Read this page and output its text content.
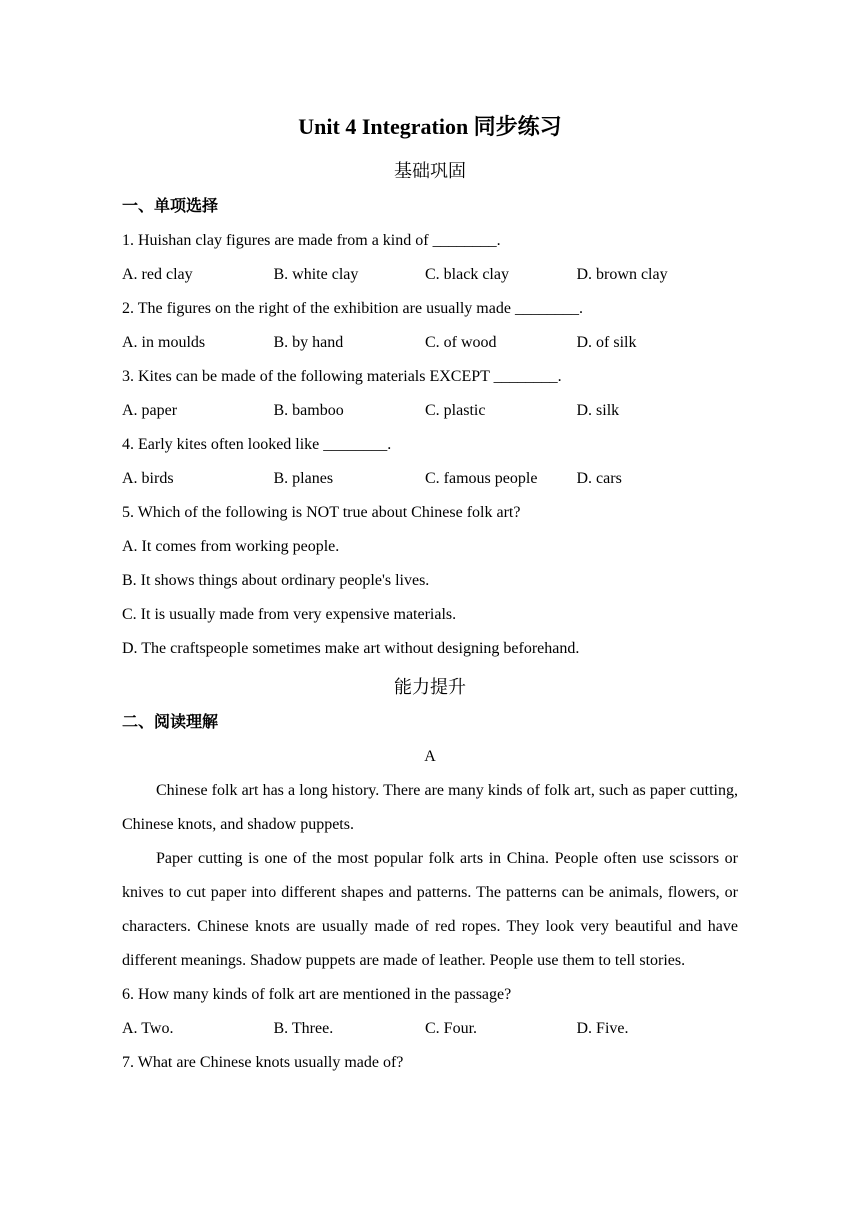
Unit 4 Integration 同步练习
基础巩固
一、单项选择
1. Huishan clay figures are made from a kind of ________.
A. red clay	B. white clay	C. black clay	D. brown clay
2. The figures on the right of the exhibition are usually made ________.
A. in moulds	B. by hand	C. of wood	D. of silk
3. Kites can be made of the following materials EXCEPT ________.
A. paper	B. bamboo	C. plastic	D. silk
4. Early kites often looked like ________.
A. birds	B. planes	C. famous people	D. cars
5. Which of the following is NOT true about Chinese folk art?
A. It comes from working people.
B. It shows things about ordinary people's lives.
C. It is usually made from very expensive materials.
D. The craftspeople sometimes make art without designing beforehand.
能力提升
二、阅读理解
A

Chinese folk art has a long history. There are many kinds of folk art, such as paper cutting, Chinese knots, and shadow puppets.

Paper cutting is one of the most popular folk arts in China. People often use scissors or knives to cut paper into different shapes and patterns. The patterns can be animals, flowers, or characters. Chinese knots are usually made of red ropes. They look very beautiful and have different meanings. Shadow puppets are made of leather. People use them to tell stories.

6. How many kinds of folk art are mentioned in the passage?
A. Two.	B. Three.	C. Four.	D. Five.
7. What are Chinese knots usually made of?
